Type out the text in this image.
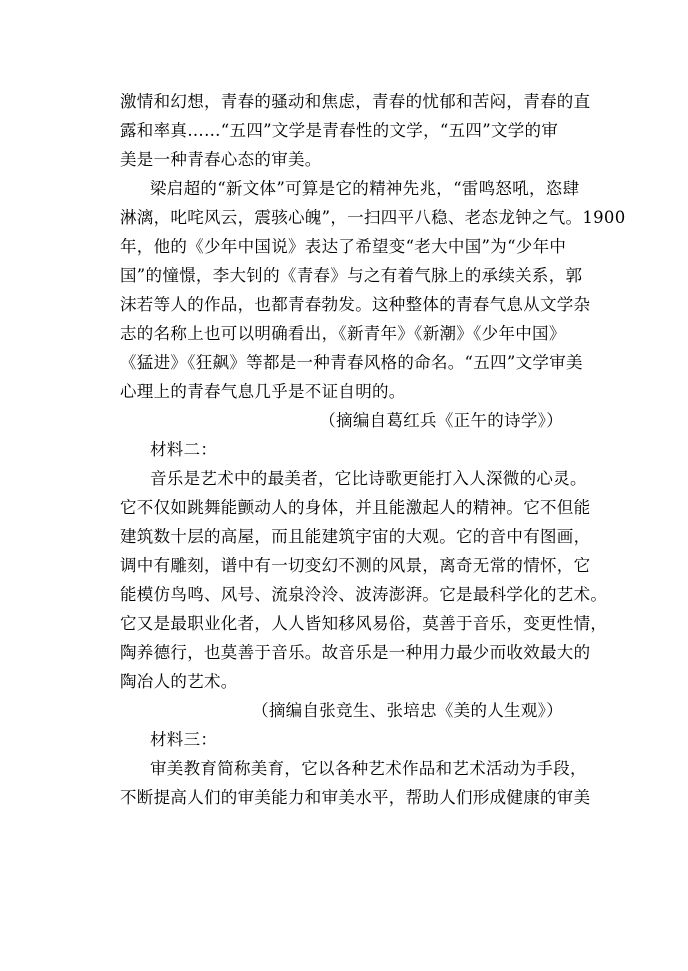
激情和幻想，青春的骚动和焦虑，青春的忧郁和苦闷，青春的直
露和率真……“五四”文学是青春性的文学，“五四”文学的审
美是一种青春心态的审美。
梁启超的“新文体”可算是它的精神先兆，“雷鸣怒吼，恣肆
淋漓，叱咤风云，震骇心魄”，一扫四平八稳、老态龙钟之气。1900
年，他的《少年中国说》表达了希望变“老大中国”为“少年中
国”的憧憬，李大钊的《青春》与之有着气脉上的承续关系，郭
沫若等人的作品，也都青春勃发。这种整体的青春气息从文学杂
志的名称上也可以明确看出，《新青年》《新潮》《少年中国》
《猛进》《狂飙》等都是一种青春风格的命名。“五四”文学审美
心理上的青春气息几乎是不证自明的。
（摘编自葛红兵《正午的诗学》）
材料二：
音乐是艺术中的最美者，它比诗歌更能打入人深微的心灵。
它不仅如跳舞能颤动人的身体，并且能激起人的精神。它不但能
建筑数十层的高屋，而且能建筑宇宙的大观。它的音中有图画，
调中有雕刻，谱中有一切变幻不测的风景，离奇无常的情怀，它
能模仿鸟鸣、风号、流泉泠泠、波涛澎湃。它是最科学化的艺术。
它又是最职业化者，人人皆知移风易俗，莫善于音乐，变更性情，
陶养德行，也莫善于音乐。故音乐是一种用力最少而收效最大的
陶冶人的艺术。
（摘编自张竞生、张培忠《美的人生观》）
材料三：
审美教育简称美育，它以各种艺术作品和艺术活动为手段，
不断提高人们的审美能力和审美水平，帮助人们形成健康的审美
